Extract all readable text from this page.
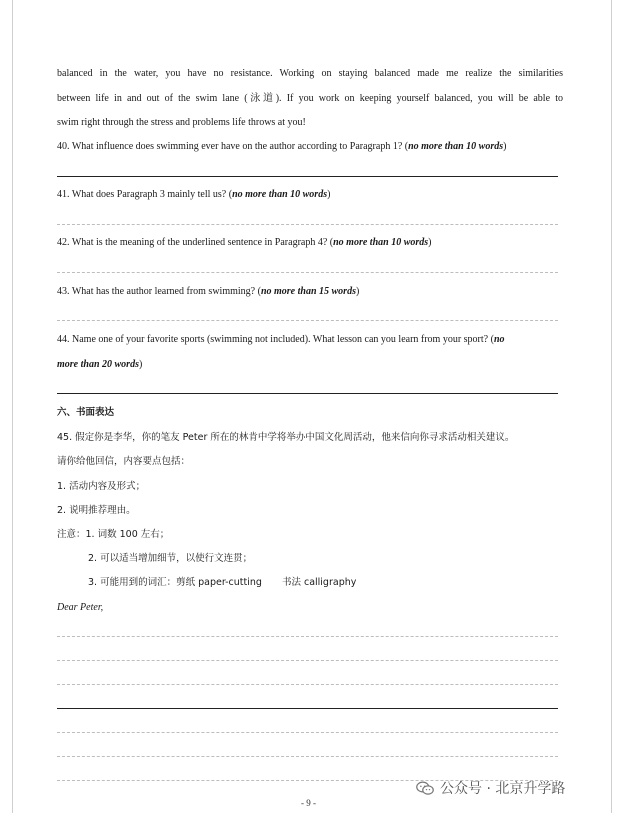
balanced in the water, you have no resistance. Working on staying balanced made me realize the similarities
between life in and out of the swim lane (泳道). If you work on keeping yourself balanced, you will be able to
swim right through the stress and problems life throws at you!
40. What influence does swimming ever have on the author according to Paragraph 1? (no more than 10 words)
41. What does Paragraph 3 mainly tell us? (no more than 10 words)
42. What is the meaning of the underlined sentence in Paragraph 4? (no more than 10 words)
43. What has the author learned from swimming? (no more than 15 words)
44. Name one of your favorite sports (swimming not included). What lesson can you learn from your sport? (no
more than 20 words)
六、书面表达
45. 假定你是李华，你的笔友 Peter 所在的林肯中学将举办中国文化周活动，他来信向你寻求活动相关建议。
请你给他回信，内容要点包括：
1. 活动内容及形式；
2. 说明推荐理由。
注意：1. 词数 100 左右；
2. 可以适当增加细节，以使行文连贯；
3. 可能用到的词汇：剪纸 paper-cutting 书法 calligraphy
Dear Peter,
公众号 · 北京升学路
- 9 -
